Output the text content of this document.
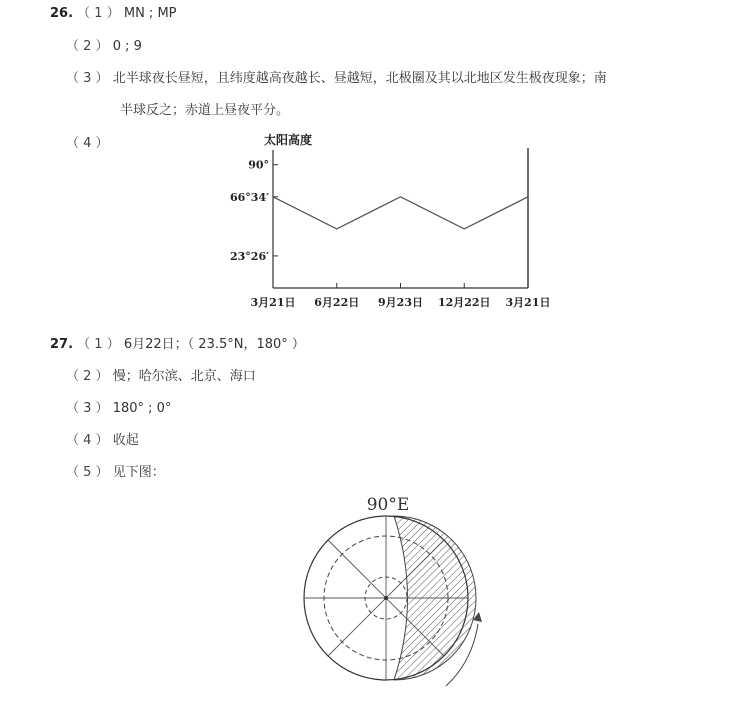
26. （ 1 ） MN ; MP
（ 2 ） 0 ; 9
（ 3 ） 北半球夜长昼短，且纬度越高夜越长、昼越短，北极圈及其以北地区发生极夜现象；南
半球反之；赤道上昼夜平分。
（ 4 ）	太阳高度
90°
66°34′
23°26′
3月21日 6月22日 9月23日 12月22日 3月21日
27. （ 1 ） 6月22日；（ 23.5°N，180° ）
（ 2 ） 慢；哈尔滨、北京、海口
（ 3 ） 180° ; 0°
（ 4 ） 收起
（ 5 ） 见下图：
90°E
